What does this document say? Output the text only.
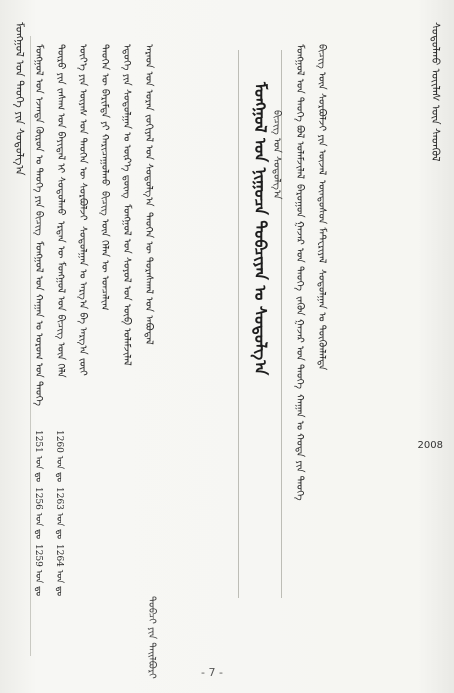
ᠮᠣᠩᠭᠣᠯ ᠤᠨ ᠲᠡᠦᠬᠡ ᠶᠢᠨ ᠰᠤᠳᠤᠯᠭ᠎ᠠ	ᠰᠤᠳᠤᠯᠬᠤ ᠦᠢᠯᠡᠰ ᠦᠨ ᠰᠡᠳᠬᠦᠯ
2008
ᠮᠣᠩᠭᠣᠯ ᠤᠨ ᠨᠢᠭᠤᠴᠠ ᠲᠣᠪᠴᠢᠶᠠᠨ ᠤ ᠰᠤᠳᠤᠯᠭ᠎ᠠ ᠪᠢᠴᠢᠭ ᠤᠨ ᠰᠤᠳᠤᠯᠭ᠎ᠠ
ᠮᠣᠩᠭᠣᠯ ᠤᠨ ᠡᠵᠡᠨᠲᠡ ᠭᠦᠷᠦᠨ ᠤ ᠲᠡᠦᠬᠡ ᠶᠢᠨ ᠪᠢᠴᠢᠭ ᠮᠣᠩᠭᠣᠯ ᠤᠨ ᠬᠠᠭᠠᠨ ᠤ ᠤᠷᠤᠭ ᠤᠨ ᠲᠡᠦᠬᠡ ᠲᠦᠷᠦ ᠶᠢᠨ ᠵᠠᠰᠠᠭ ᠤᠨ ᠪᠠᠶᠢᠳᠠᠯ ᠢ ᠰᠤᠳᠤᠯᠬᠤ ᠡᠷᠲᠡᠨ ᠦ ᠮᠣᠩᠭᠣᠯ ᠤᠨ ᠪᠢᠴᠢᠭ ᠦᠨ ᠬᠡᠯᠡ ᠦᠶ᠎ᠡ ᠶᠢᠨ ᠦᠶᠡᠰ ᠤᠨ ᠲᠡᠦᠬᠡᠨ ᠦ ᠰᠤᠷᠪᠤᠯᠵᠢ ᠰᠤᠳᠤᠯᠭᠠᠨ ᠤ ᠠᠷᠭ᠎ᠠ ᠪᠠ ᠠᠷᠭ᠎ᠠ ᠵᠦᠢ ᠲᠡᠦᠬᠡᠨ ᠦ ᠪᠠᠷᠢᠮᠲᠠ ᠶᠢ ᠬᠠᠷᠢᠴᠠᠭᠤᠯᠬᠤ ᠪᠢᠴᠢᠭ ᠦᠨ ᠬᠡᠯᠡᠨ ᠦ ᠤᠨᠴᠠᠯᠢᠭ ᠡᠳᠦᠭᠡ ᠶᠢᠨ ᠰᠤᠳᠤᠯᠭᠠᠨ ᠤ ᠦᠷ᠎ᠡ ᠳ᠋ᠦᠩ ᠮᠣᠩᠭᠣᠯ ᠤᠨ ᠰᠣᠶᠣᠯ ᠤᠨ ᠦᠪ ᠤᠯᠠᠮᠵᠢᠯᠠᠯ ᠠᠷᠠᠳ ᠤᠨ ᠤᠷᠠᠨ ᠵᠣᠬᠢᠶᠠᠯ ᠤᠨ ᠰᠤᠳᠤᠯᠭ᠎ᠠ ᠲᠡᠦᠬᠡᠨ ᠦ ᠳᠤᠷᠠᠰᠬᠠᠯ ᠤᠨ ᠠᠪᠤᠳᠠᠯ
1251 ᠣᠨ ᠳᠤ 1256 ᠣᠨ ᠳᠤ 1259 ᠣᠨ ᠳᠤ 1260 ᠣᠨ ᠳᠤ 1263 ᠣᠨ ᠳᠤ 1264 ᠣᠨ ᠳᠤ
ᠮᠣᠩᠭᠣᠯ ᠤᠨ ᠲᠡᠦᠬᠡ ᠪᠣᠯ ᠤᠯᠠᠮᠵᠢᠯᠠᠯ ᠪᠠᠷᠤᠭᠤᠨ ᠭᠠᠵᠠᠷ ᠤᠨ ᠲᠡᠦᠬᠡ ᠵᠡᠭᠦᠨ ᠭᠠᠵᠠᠷ ᠤᠨ ᠲᠡᠦᠬᠡ ᠬᠠᠭᠠᠨ ᠤ ᠬᠣᠲᠠ ᠶᠢᠨ ᠲᠡᠦᠬᠡ ᠪᠢᠴᠢᠭ ᠦᠨ ᠰᠤᠷᠪᠤᠯᠵᠢ ᠶᠢᠨ ᠦᠵᠡᠯ ᠦᠨᠳᠦᠰᠦᠨ ᠮᠠᠲ᠋ᠸᠷᠢᠶᠠᠯ ᠰᠤᠳᠤᠯᠭᠠᠨ ᠤ ᠳᠦᠭᠦᠨᠯᠡᠯᠲᠡ
ᠲᠣᠪᠴᠢ ᠶᠢᠨ ᠲᠠᠢᠯᠪᠤᠷᠢ	- 7 -
